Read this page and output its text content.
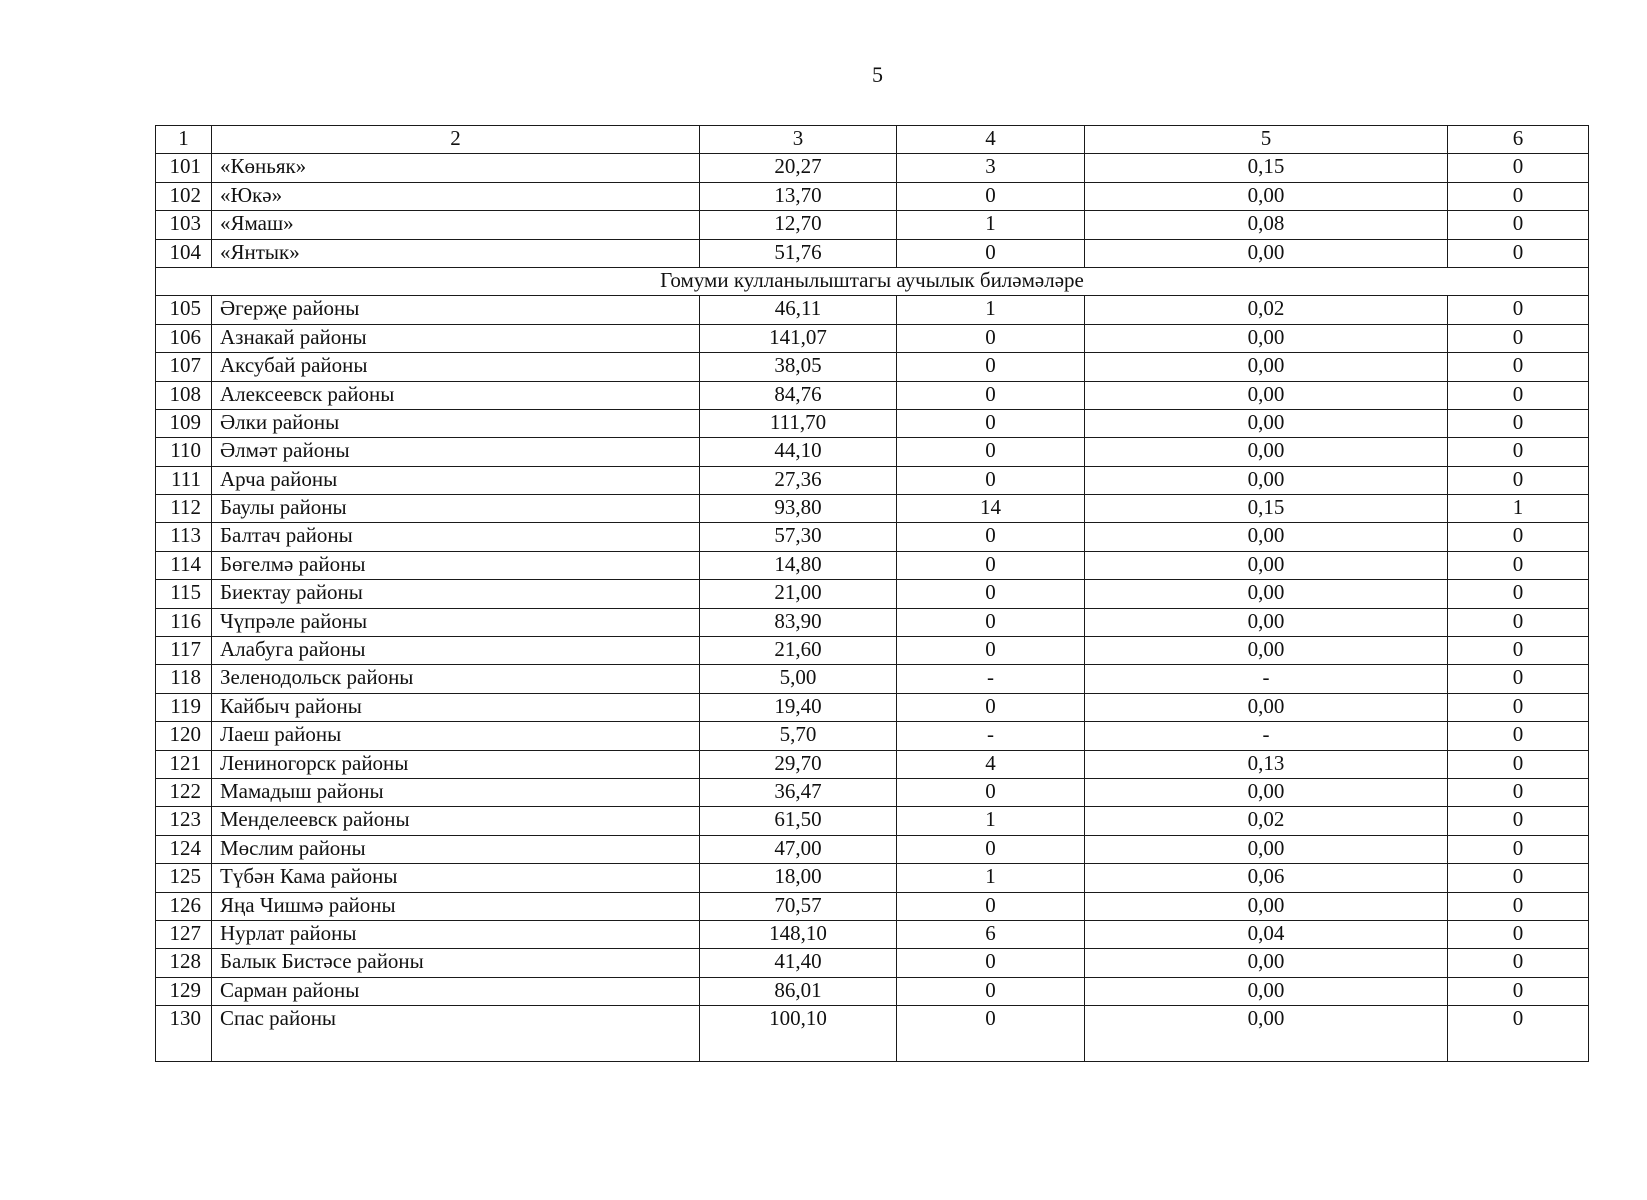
5
1	2	3	4	5	6
101	«Көньяк»	20,27	3	0,15	0
102	«Юкә»	13,70	0	0,00	0
103	«Ямаш»	12,70	1	0,08	0
104	«Янтык»	51,76	0	0,00	0
Гомуми кулланылыштагы аучылык биләмәләре					
105	Әгерҗе районы	46,11	1	0,02	0
106	Азнакай районы	141,07	0	0,00	0
107	Аксубай районы	38,05	0	0,00	0
108	Алексеевск районы	84,76	0	0,00	0
109	Әлки районы	111,70	0	0,00	0
110	Әлмәт районы	44,10	0	0,00	0
111	Арча районы	27,36	0	0,00	0
112	Баулы районы	93,80	14	0,15	1
113	Балтач районы	57,30	0	0,00	0
114	Бөгелмә районы	14,80	0	0,00	0
115	Биектау районы	21,00	0	0,00	0
116	Чүпрәле районы	83,90	0	0,00	0
117	Алабуга районы	21,60	0	0,00	0
118	Зеленодольск районы	5,00	-	-	0
119	Кайбыч районы	19,40	0	0,00	0
120	Лаеш районы	5,70	-	-	0
121	Лениногорск районы	29,70	4	0,13	0
122	Мамадыш районы	36,47	0	0,00	0
123	Менделеевск районы	61,50	1	0,02	0
124	Мөслим районы	47,00	0	0,00	0
125	Түбән Кама районы	18,00	1	0,06	0
126	Яңа Чишмә районы	70,57	0	0,00	0
127	Нурлат районы	148,10	6	0,04	0
128	Балык Бистәсе районы	41,40	0	0,00	0
129	Сарман районы	86,01	0	0,00	0
130	Спас районы	100,10	0	0,00	0
